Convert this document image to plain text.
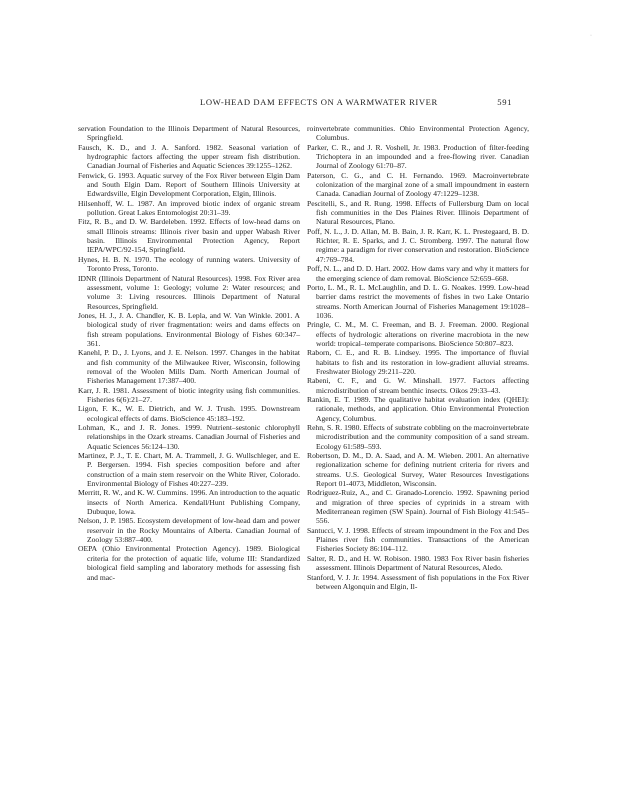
·
LOW-HEAD DAM EFFECTS ON A WARMWATER RIVER	591

servation Foundation to the Illinois Department of Natural Resources, Springfield.

Fausch, K. D., and J. A. Sanford. 1982. Seasonal variation of hydrographic factors affecting the upper stream fish distribution. Canadian Journal of Fisheries and Aquatic Sciences 39:1255–1262.

Fenwick, G. 1993. Aquatic survey of the Fox River between Elgin Dam and South Elgin Dam. Report of Southern Illinois University at Edwardsville, Elgin Development Corporation, Elgin, Illinois.

Hilsenhoff, W. L. 1987. An improved biotic index of organic stream pollution. Great Lakes Entomologist 20:31–39.

Fitz, R. B., and D. W. Bardeleben. 1992. Effects of low-head dams on small Illinois streams: Illinois river basin and upper Wabash River basin. Illinois Environmental Protection Agency, Report IEPA/WPC/92-154, Springfield.

Hynes, H. B. N. 1970. The ecology of running waters. University of Toronto Press, Toronto.

IDNR (Illinois Department of Natural Resources). 1998. Fox River area assessment, volume 1: Geology; volume 2: Water resources; and volume 3: Living resources. Illinois Department of Natural Resources, Springfield.

Jones, H. J., J. A. Chandler, K. B. Lepla, and W. Van Winkle. 2001. A biological study of river fragmentation: weirs and dams effects on fish stream populations. Environmental Biology of Fishes 60:347–361.

Kanehl, P. D., J. Lyons, and J. E. Nelson. 1997. Changes in the habitat and fish community of the Milwaukee River, Wisconsin, following removal of the Woolen Mills Dam. North American Journal of Fisheries Management 17:387–400.

Karr, J. R. 1981. Assessment of biotic integrity using fish communities. Fisheries 6(6):21–27.

Ligon, F. K., W. E. Dietrich, and W. J. Trush. 1995. Downstream ecological effects of dams. BioScience 45:183–192.

Lohman, K., and J. R. Jones. 1999. Nutrient–sestonic chlorophyll relationships in the Ozark streams. Canadian Journal of Fisheries and Aquatic Sciences 56:124–130.

Martinez, P. J., T. E. Chart, M. A. Trammell, J. G. Wullschleger, and E. P. Bergersen. 1994. Fish species composition before and after construction of a main stem reservoir on the White River, Colorado. Environmental Biology of Fishes 40:227–239.

Merritt, R. W., and K. W. Cummins. 1996. An introduction to the aquatic insects of North America. Kendall/Hunt Publishing Company, Dubuque, Iowa.

Nelson, J. P. 1985. Ecosystem development of low-head dam and power reservoir in the Rocky Mountains of Alberta. Canadian Journal of Zoology 53:887–400.

OEPA (Ohio Environmental Protection Agency). 1989. Biological criteria for the protection of aquatic life, volume III: Standardized biological field sampling and laboratory methods for assessing fish and mac-

roinvertebrate communities. Ohio Environmental Protection Agency, Columbus.

Parker, C. R., and J. R. Voshell, Jr. 1983. Production of filter-feeding Trichoptera in an impounded and a free-flowing river. Canadian Journal of Zoology 61:70–87.

Paterson, C. G., and C. H. Fernando. 1969. Macroinvertebrate colonization of the marginal zone of a small impoundment in eastern Canada. Canadian Journal of Zoology 47:1229–1238.

Pescitelli, S., and R. Rung. 1998. Effects of Fullersburg Dam on local fish communities in the Des Plaines River. Illinois Department of Natural Resources, Plano.

Poff, N. L., J. D. Allan, M. B. Bain, J. R. Karr, K. L. Prestegaard, B. D. Richter, R. E. Sparks, and J. C. Stromberg. 1997. The natural flow regime: a paradigm for river conservation and restoration. BioScience 47:769–784.

Poff, N. L., and D. D. Hart. 2002. How dams vary and why it matters for the emerging science of dam removal. BioScience 52:659–668.

Porto, L. M., R. L. McLaughlin, and D. L. G. Noakes. 1999. Low-head barrier dams restrict the movements of fishes in two Lake Ontario streams. North American Journal of Fisheries Management 19:1028–1036.

Pringle, C. M., M. C. Freeman, and B. J. Freeman. 2000. Regional effects of hydrologic alterations on riverine macrobiota in the new world: tropical–temperate comparisons. BioScience 50:807–823.

Raborn, C. E., and R. B. Lindsey. 1995. The importance of fluvial habitats to fish and its restoration in low-gradient alluvial streams. Freshwater Biology 29:211–220.

Rabeni, C. F., and G. W. Minshall. 1977. Factors affecting microdistribution of stream benthic insects. Oikos 29:33–43.

Rankin, E. T. 1989. The qualitative habitat evaluation index (QHEI): rationale, methods, and application. Ohio Environmental Protection Agency, Columbus.

Rehn, S. R. 1980. Effects of substrate cobbling on the macroinvertebrate microdistribution and the community composition of a sand stream. Ecology 61:589–593.

Robertson, D. M., D. A. Saad, and A. M. Wieben. 2001. An alternative regionalization scheme for defining nutrient criteria for rivers and streams. U.S. Geological Survey, Water Resources Investigations Report 01-4073, Middleton, Wisconsin.

Rodriguez-Ruiz, A., and C. Granado-Lorencio. 1992. Spawning period and migration of three species of cyprinids in a stream with Mediterranean regimen (SW Spain). Journal of Fish Biology 41:545–556.

Santucci, V. J. 1998. Effects of stream impoundment in the Fox and Des Plaines river fish communities. Transactions of the American Fisheries Society 86:104–112.

Salter, R. D., and H. W. Robison. 1980. 1983 Fox River basin fisheries assessment. Illinois Department of Natural Resources, Aledo.

Stanford, V. J. Jr. 1994. Assessment of fish populations in the Fox River between Algonquin and Elgin, Il-
